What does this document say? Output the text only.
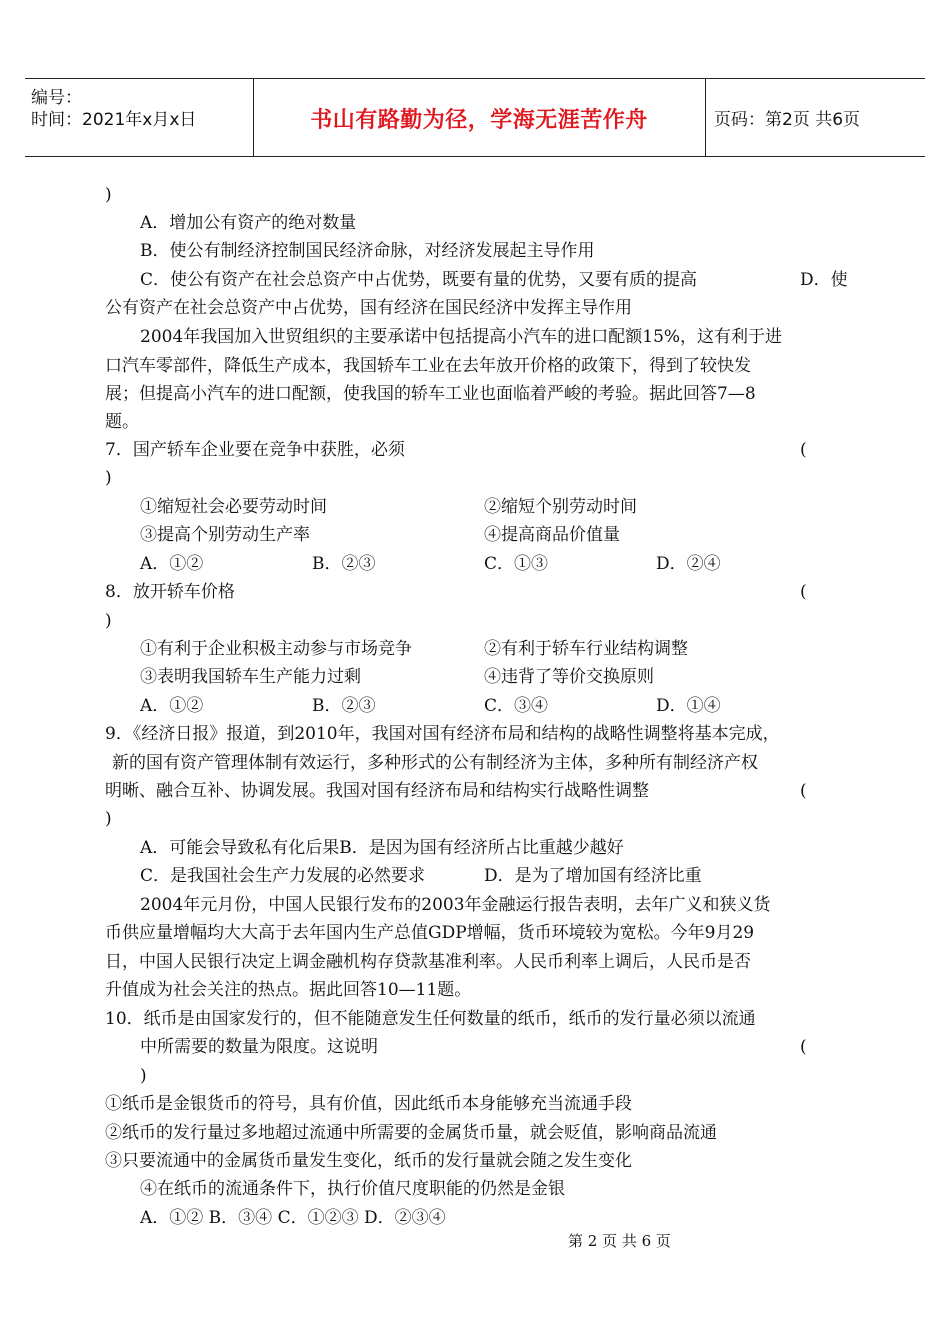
编号：
时间：2021年x月x日	书山有路勤为径，学海无涯苦作舟	页码：第2页 共6页
)
A．增加公有资产的绝对数量
B．使公有制经济控制国民经济命脉，对经济发展起主导作用
C．使公有资产在社会总资产中占优势，既要有量的优势，又要有质的提高	D．使
公有资产在社会总资产中占优势，国有经济在国民经济中发挥主导作用
2004年我国加入世贸组织的主要承诺中包括提高小汽车的进口配额15%，这有利于进
口汽车零部件，降低生产成本，我国轿车工业在去年放开价格的政策下，得到了较快发
展；但提高小汽车的进口配额，使我国的轿车工业也面临着严峻的考验。据此回答7—8
题。
7．国产轿车企业要在竞争中获胜，必须	(
)
①缩短社会必要劳动时间	②缩短个别劳动时间
③提高个别劳动生产率	④提高商品价值量
A．①②	B．②③	C．①③	D．②④
8．放开轿车价格	(
)
①有利于企业积极主动参与市场竞争	②有利于轿车行业结构调整
③表明我国轿车生产能力过剩	④违背了等价交换原则
A．①②	B．②③	C．③④	D．①④
9．《经济日报》报道，到2010年，我国对国有经济布局和结构的战略性调整将基本完成，
新的国有资产管理体制有效运行，多种形式的公有制经济为主体，多种所有制经济产权
明晰、融合互补、协调发展。我国对国有经济布局和结构实行战略性调整	(
)
A．可能会导致私有化后果B．是因为国有经济所占比重越少越好
C．是我国社会生产力发展的必然要求	D．是为了增加国有经济比重
2004年元月份，中国人民银行发布的2003年金融运行报告表明，去年广义和狭义货
币供应量增幅均大大高于去年国内生产总值GDP增幅，货币环境较为宽松。今年9月29
日，中国人民银行决定上调金融机构存贷款基准利率。人民币利率上调后，人民币是否
升值成为社会关注的热点。据此回答10—11题。
10．纸币是由国家发行的，但不能随意发生任何数量的纸币，纸币的发行量必须以流通
中所需要的数量为限度。这说明	(
)
①纸币是金银货币的符号，具有价值，因此纸币本身能够充当流通手段
②纸币的发行量过多地超过流通中所需要的金属货币量，就会贬值，影响商品流通
③只要流通中的金属货币量发生变化，纸币的发行量就会随之发生变化
④在纸币的流通条件下，执行价值尺度职能的仍然是金银
A．①② B．③④ C．①②③ D．②③④
第 2 页 共 6 页
